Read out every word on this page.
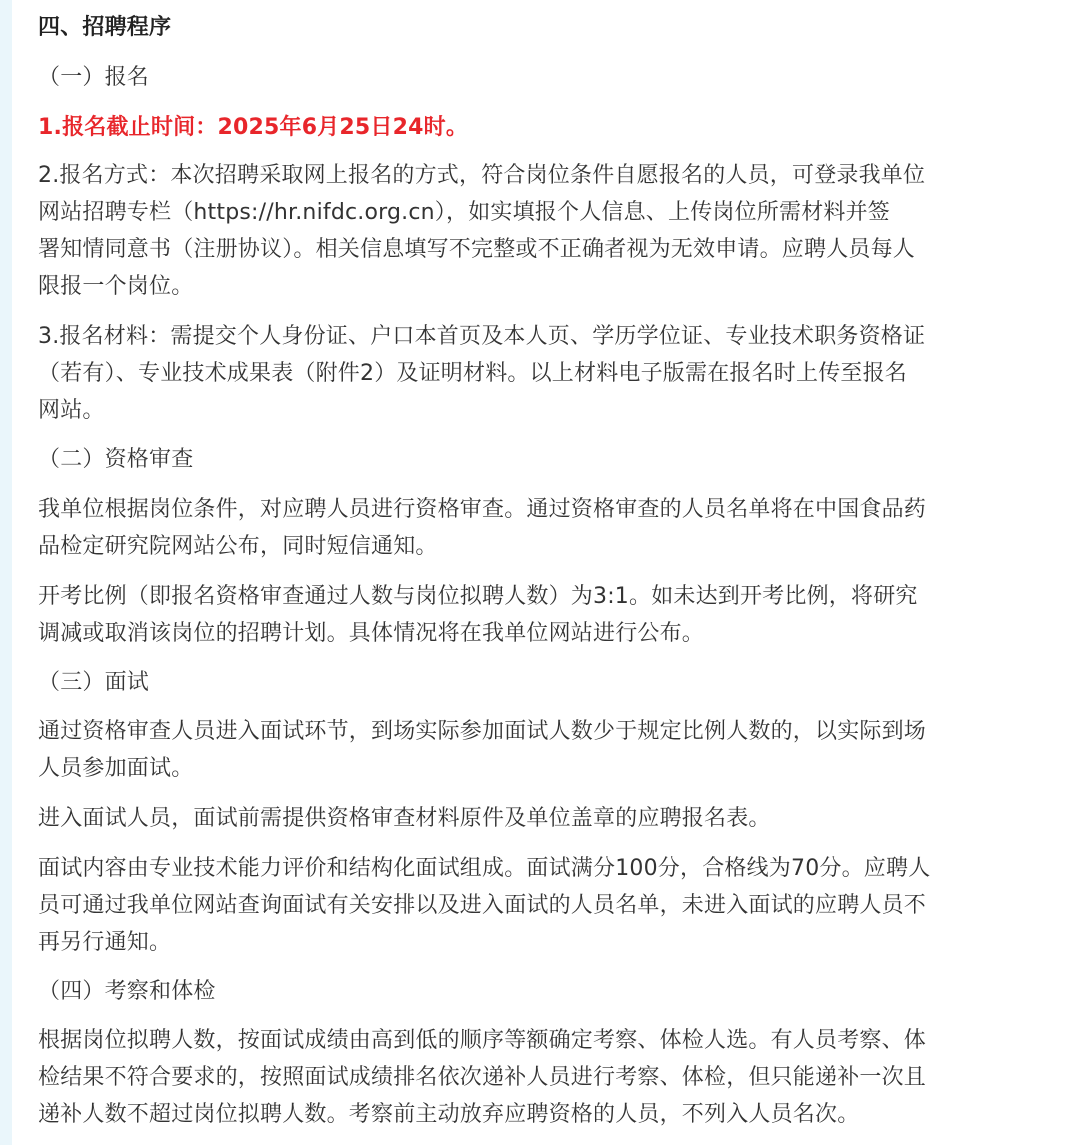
四、招聘程序
（一）报名
1.报名截止时间：2025年6月25日24时。
2.报名方式：本次招聘采取网上报名的方式，符合岗位条件自愿报名的人员，可登录我单位
网站招聘专栏（https://hr.nifdc.org.cn），如实填报个人信息、上传岗位所需材料并签
署知情同意书（注册协议）。相关信息填写不完整或不正确者视为无效申请。应聘人员每人
限报一个岗位。
3.报名材料：需提交个人身份证、户口本首页及本人页、学历学位证、专业技术职务资格证
（若有）、专业技术成果表（附件2）及证明材料。以上材料电子版需在报名时上传至报名
网站。
（二）资格审查
我单位根据岗位条件，对应聘人员进行资格审查。通过资格审查的人员名单将在中国食品药
品检定研究院网站公布，同时短信通知。
开考比例（即报名资格审查通过人数与岗位拟聘人数）为3:1。如未达到开考比例，将研究
调减或取消该岗位的招聘计划。具体情况将在我单位网站进行公布。
（三）面试
通过资格审查人员进入面试环节，到场实际参加面试人数少于规定比例人数的，以实际到场
人员参加面试。
进入面试人员，面试前需提供资格审查材料原件及单位盖章的应聘报名表。
面试内容由专业技术能力评价和结构化面试组成。面试满分100分，合格线为70分。应聘人
员可通过我单位网站查询面试有关安排以及进入面试的人员名单，未进入面试的应聘人员不
再另行通知。
（四）考察和体检
根据岗位拟聘人数，按面试成绩由高到低的顺序等额确定考察、体检人选。有人员考察、体
检结果不符合要求的，按照面试成绩排名依次递补人员进行考察、体检，但只能递补一次且
递补人数不超过岗位拟聘人数。考察前主动放弃应聘资格的人员，不列入人员名次。
